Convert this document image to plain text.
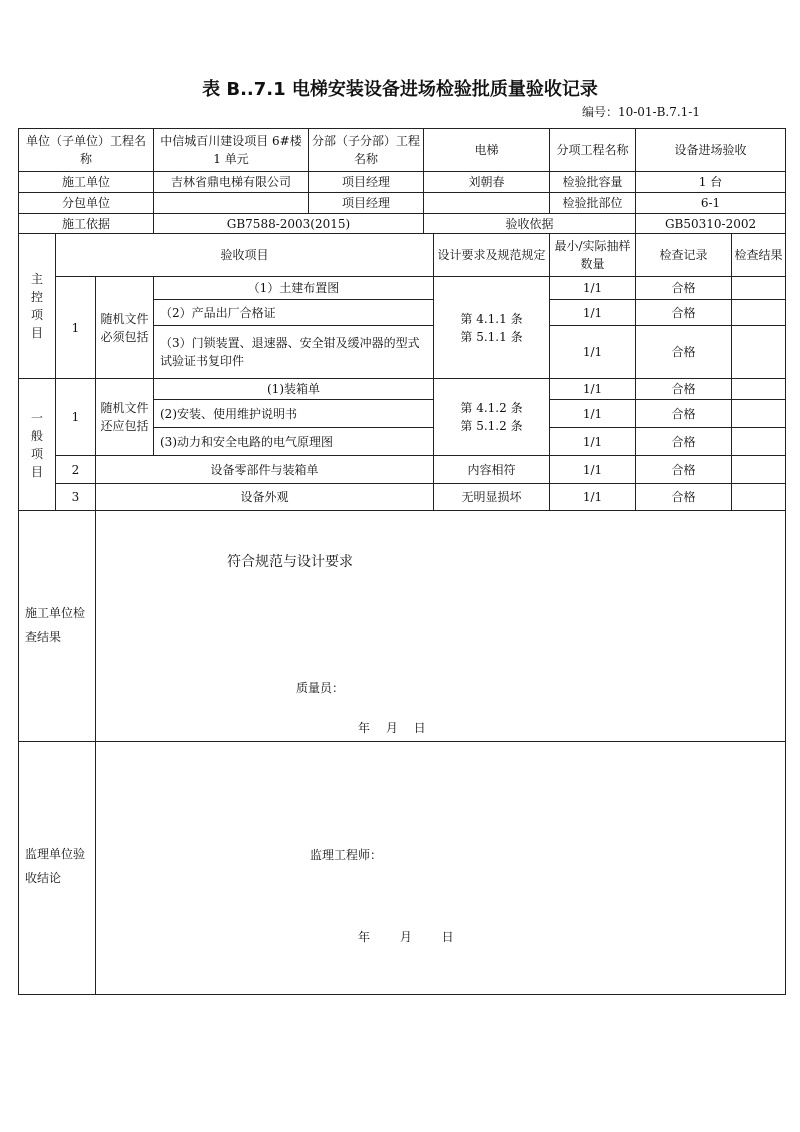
表 B..7.1 电梯安装设备进场检验批质量验收记录
编号：10-01-B.7.1-1
单位（子单位）工程名称			中信城百川建设项目 6#楼 1 单元	分部（子分部）工程名称	电梯		分项工程名称	设备进场验收	
施工单位			吉林省鼎电梯有限公司	项目经理	刘朝春		检验批容量	1 台	
分包单位				项目经理			检验批部位	6-1	
施工依据			GB7588-2003(2015)		验收依据			GB50310-2002	
主控项目	验收项目					设计要求及规范规定	最小/实际抽样数量	检查记录	检查结果
	1	随机文件必须包括	（1）土建布置图			第 4.1.1 条 第 5.1.1 条	1/1	合格	
			（2）产品出厂合格证				1/1	合格	
			（3）门锁装置、退速器、安全钳及缓冲器的型式试验证书复印件				1/1	合格	
一般项目	1	随机文件还应包括	(1)装箱单			第 4.1.2 条 第 5.1.2 条	1/1	合格	
			(2)安装、使用维护说明书				1/1	合格	
			(3)动力和安全电路的电气原理图				1/1	合格	
	2	设备零部件与装箱单				内容相符	1/1	合格	
	3	设备外观				无明显损坏	1/1	合格	

施工单位检查结果		符合规范与设计要求
质量员：
年 月 日							

监理单位验收结论		监理工程师：
年 月 日							
